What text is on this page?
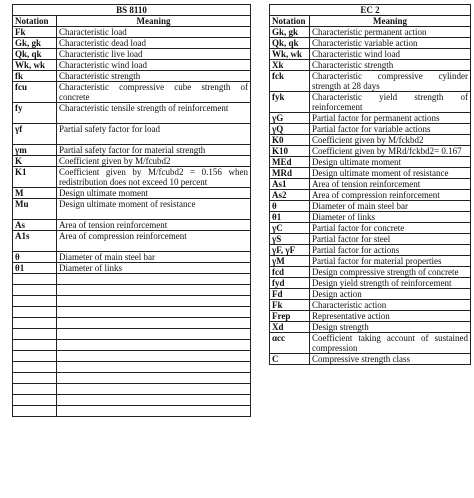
BS 8110	
Notation	Meaning
Fk	Characteristic load
Gk, gk	Characteristic dead load
Qk, qk	Characteristic live load
Wk, wk	Characteristic wind load
fk	Characteristic strength
fcu	Characteristic compressive cube strength of concrete
fy	Characteristic tensile strength of reinforcement
γf	Partial safety factor for load
γm	Partial safety factor for material strength
K	Coefficient given by M/fcubd2
K1	Coefficient given by M/fcubd2 = 0.156 when redistribution does not exceed 10 percent
M	Design ultimate moment
Mu	Design ultimate moment of resistance
As	Area of tension reinforcement
A1s	Area of compression reinforcement
θ	Diameter of main steel bar
θ1	Diameter of links

EC 2	
Notation	Meaning
Gk, gk	Characteristic permanent action
Qk, qk	Characteristic variable action
Wk, wk	Characteristic wind load
Xk	Characteristic strength
fck	Characteristic compressive cylinder strength at 28 days
fyk	Characteristic yield strength of reinforcement
γG	Partial factor for permanent actions
γQ	Partial factor for variable actions
K0	Coefficient given by M/fckbd2
K10	Coefficient given by MRd/fckbd2= 0.167
MEd	Design ultimate moment
MRd	Design ultimate moment of resistance
As1	Area of tension reinforcement
As2	Area of compression reinforcement
θ	Diameter of main steel bar
θ1	Diameter of links
γC	Partial factor for concrete
γS	Partial factor for steel
γF, γF	Partial factor for actions
γM	Partial factor for material properties
fcd	Design compressive strength of concrete
fyd	Design yield strength of reinforcement
Fd	Design action
Fk	Characteristic action
Frep	Representative action
Xd	Design strength
αcc	Coefficient taking account of sustained compression
C	Compressive strength class
